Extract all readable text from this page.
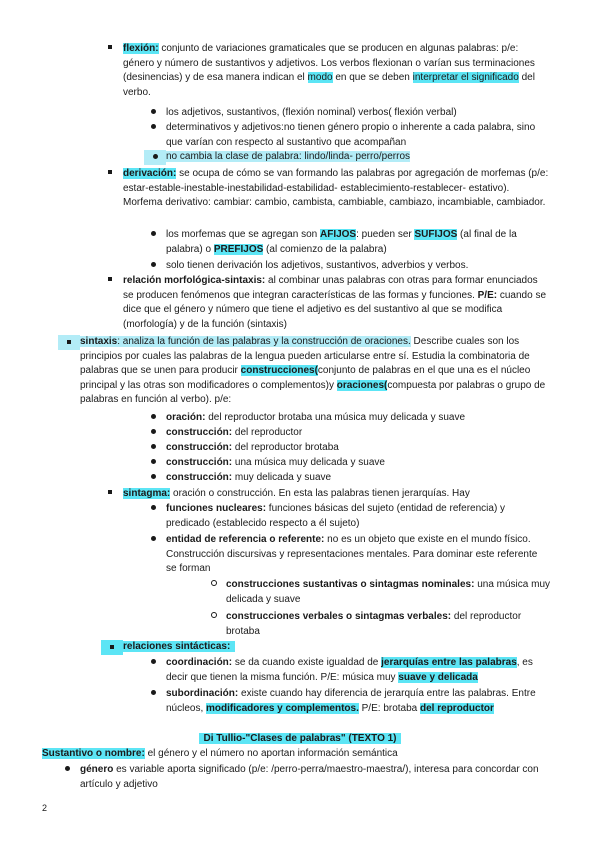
flexión: conjunto de variaciones gramaticales que se producen en algunas palabras: p/e: género y número de sustantivos y adjetivos. Los verbos flexionan o varían sus terminaciones (desinencias) y de esa manera indican el modo en que se deben interpretar el significado del verbo.
los adjetivos, sustantivos, (flexión nominal) verbos( flexión verbal)
determinativos y adjetivos:no tienen género propio o inherente a cada palabra, sino que varían con respecto al sustantivo que acompañan
no cambia la clase de palabra: lindo/linda- perro/perros
derivación: se ocupa de cómo se van formando las palabras por agregación de morfemas (p/e: estar-estable-inestable-inestabilidad-estabilidad- establecimiento-restablecer- estativo). Morfema derivativo: cambiar: cambio, cambista, cambiable, cambiazo, incambiable, cambiador.
los morfemas que se agregan son AFIJOS: pueden ser SUFIJOS (al final de la palabra) o PREFIJOS (al comienzo de la palabra)
solo tienen derivación los adjetivos, sustantivos, adverbios y verbos.
relación morfológica-sintaxis: al combinar unas palabras con otras para formar enunciados se producen fenómenos que integran características de las formas y funciones. P/E: cuando se dice que el género y número que tiene el adjetivo es del sustantivo al que se modifica (morfología) y de la función (sintaxis)
sintaxis: analiza la función de las palabras y la construcción de oraciones. Describe cuales son los principios por cuales las palabras de la lengua pueden articularse entre sí. Estudia la combinatoria de palabras que se unen para producir construcciones(conjunto de palabras en el que una es el núcleo principal y las otras son modificadores o complementos)y oraciones(compuesta por palabras o grupo de palabras en función al verbo). p/e:
oración: del reproductor brotaba una música muy delicada y suave
construcción: del reproductor
construcción: del reproductor brotaba
construcción: una música muy delicada y suave
construcción: muy delicada y suave
sintagma: oración o construcción. En esta las palabras tienen jerarquías. Hay
funciones nucleares: funciones básicas del sujeto (entidad de referencia) y predicado (establecido respecto a él sujeto)
entidad de referencia o referente: no es un objeto que existe en el mundo físico. Construcción discursivas y representaciones mentales. Para dominar este referente se forman
construcciones sustantivas o sintagmas nominales: una música muy delicada y suave
construcciones verbales o sintagmas verbales: del reproductor brotaba
relaciones sintácticas:
coordinación: se da cuando existe igualdad de jerarquías entre las palabras, es decir que tienen la misma función. P/E: música muy suave y delicada
subordinación: existe cuando hay diferencia de jerarquía entre las palabras. Entre núcleos, modificadores y complementos. P/E: brotaba del reproductor
Di Tullio-"Clases de palabras" (TEXTO 1)
Sustantivo o nombre: el género y el número no aportan información semántica
género es variable aporta significado (p/e: /perro-perra/maestro-maestra/), interesa para concordar con artículo y adjetivo
2
